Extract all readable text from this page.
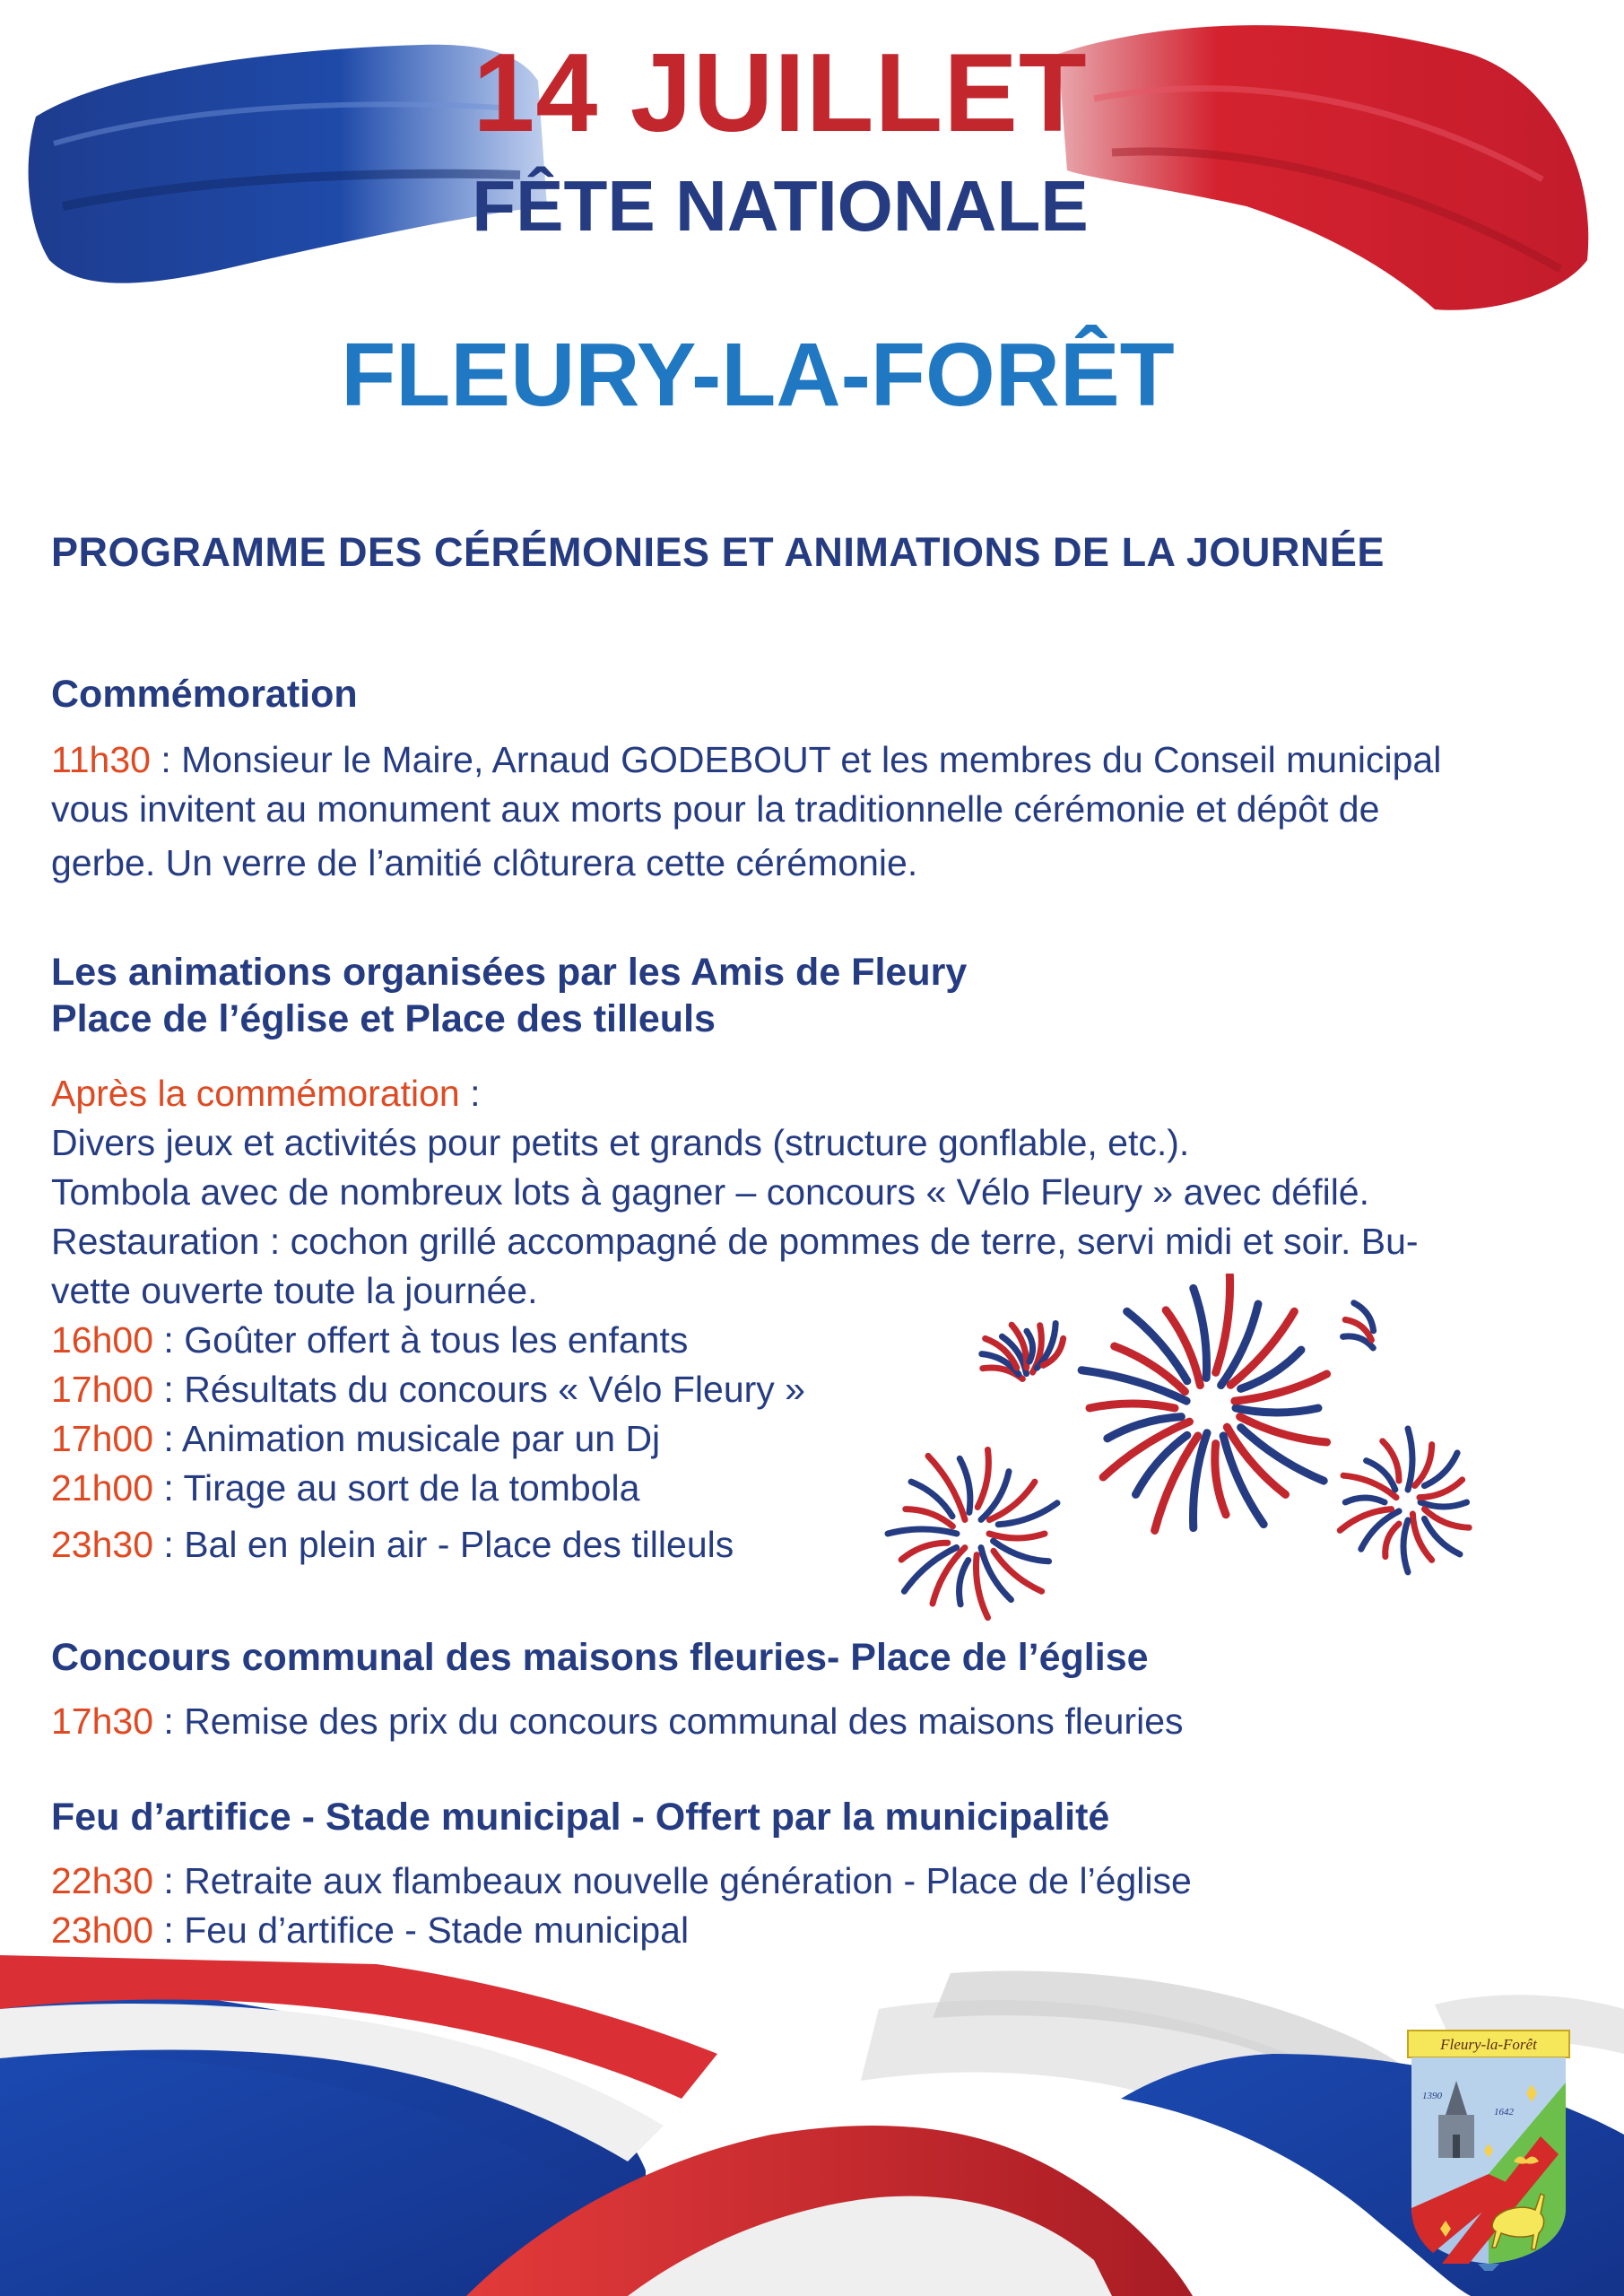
14 JUILLET
FÊTE NATIONALE
FLEURY-LA-FORÊT
PROGRAMME DES CÉRÉMONIES ET ANIMATIONS DE LA JOURNÉE
Commémoration
11h30 : Monsieur le Maire, Arnaud GODEBOUT et les membres du Conseil municipal
vous invitent au monument aux morts pour la traditionnelle cérémonie et dépôt de
gerbe. Un verre de l’amitié clôturera cette cérémonie.
Les animations organisées par les Amis de Fleury
Place de l’église et Place des tilleuls
Après la commémoration :
Divers jeux et activités pour petits et grands (structure gonflable, etc.).
Tombola avec de nombreux lots à gagner – concours « Vélo Fleury » avec défilé.
Restauration : cochon grillé accompagné de pommes de terre, servi midi et soir. Bu-
vette ouverte toute la journée.
16h00 : Goûter offert à tous les enfants
17h00 : Résultats du concours « Vélo Fleury »
17h00 : Animation musicale par un Dj
21h00 : Tirage au sort de la tombola
23h30 : Bal en plein air - Place des tilleuls
Concours communal des maisons fleuries- Place de l’église
17h30 : Remise des prix du concours communal des maisons fleuries
Feu d’artifice - Stade municipal - Offert par la municipalité
22h30 : Retraite aux flambeaux nouvelle génération - Place de l’église
23h00 : Feu d’artifice - Stade municipal
Fleury-la-Forêt
1390
1642
